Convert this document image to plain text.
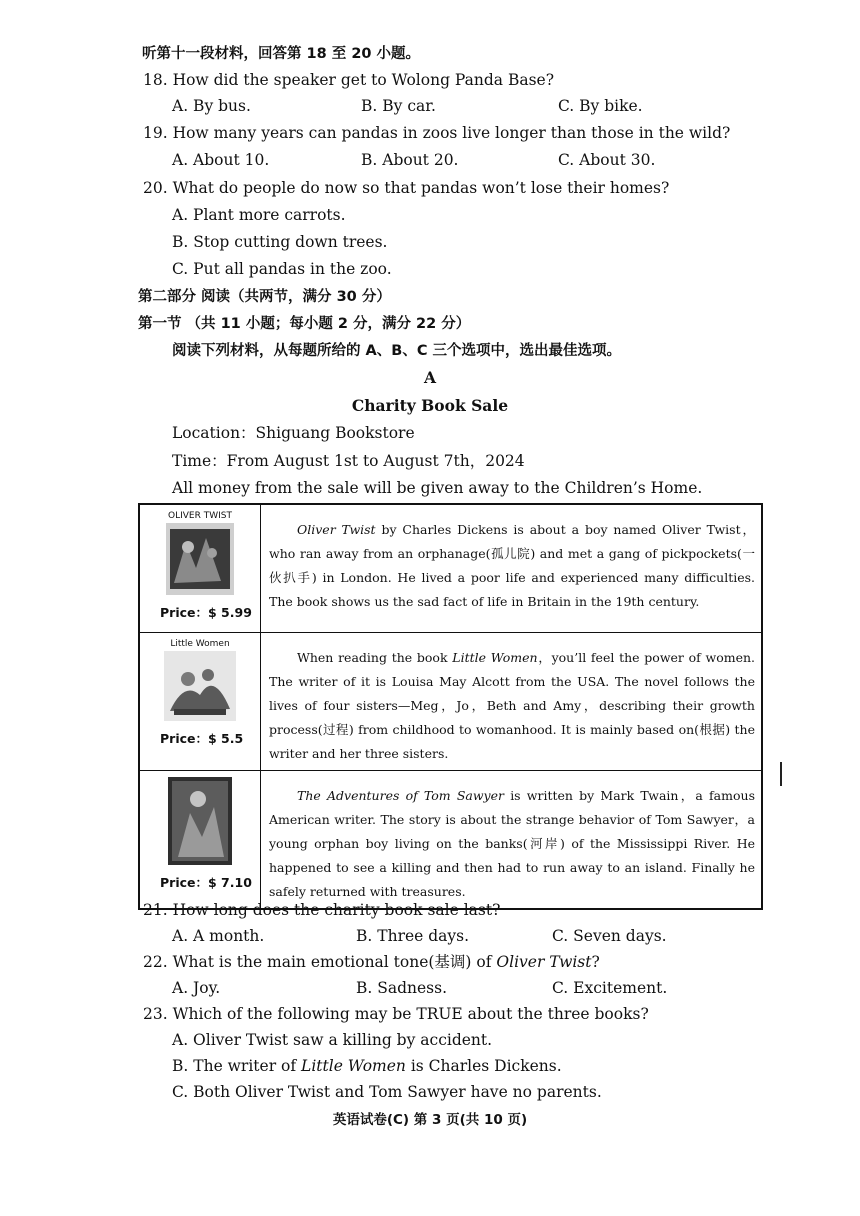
听第十一段材料，回答第 18 至 20 小题。
18. How did the speaker get to Wolong Panda Base?
A. By bus.	B. By car.	C. By bike.
19. How many years can pandas in zoos live longer than those in the wild?
A. About 10.	B. About 20.	C. About 30.
20. What do people do now so that pandas won’t lose their homes?
A. Plant more carrots.
B. Stop cutting down trees.
C. Put all pandas in the zoo.
第二部分 阅读（共两节，满分 30 分）
第一节 （共 11 小题；每小题 2 分，满分 22 分）
阅读下列材料，从每题所给的 A、B、C 三个选项中，选出最佳选项。
A
Charity Book Sale
Location：Shiguang Bookstore
Time：From August 1st to August 7th，2024
All money from the sale will be given away to the Children’s Home.
OLIVER TWIST
Price：$ 5.99	Oliver Twist by Charles Dickens is about a boy named Oliver Twist，who ran away from an orphanage(孤儿院) and met a gang of pickpockets(一伙扒手) in London. He lived a poor life and experienced many difficulties. The book shows us the sad fact of life in Britain in the 19th century.

Little Women
Price：$ 5.5	When reading the book Little Women，you’ll feel the power of women. The writer of it is Louisa May Alcott from the USA. The novel follows the lives of four sisters—Meg，Jo，Beth and Amy，describing their growth process(过程) from childhood to womanhood. It is mainly based on(根据) the writer and her three sisters.

Price：$ 7.10	The Adventures of Tom Sawyer is written by Mark Twain，a famous American writer. The story is about the strange behavior of Tom Sawyer，a young orphan boy living on the banks(河岸) of the Mississippi River. He happened to see a killing and then had to run away to an island. Finally he safely returned with treasures.
21. How long does the charity book sale last?
A. A month.	B. Three days.	C. Seven days.
22. What is the main emotional tone(基调) of Oliver Twist?
A. Joy.	B. Sadness.	C. Excitement.
23. Which of the following may be TRUE about the three books?
A. Oliver Twist saw a killing by accident.
B. The writer of Little Women is Charles Dickens.
C. Both Oliver Twist and Tom Sawyer have no parents.
英语试卷(C) 第 3 页(共 10 页)
